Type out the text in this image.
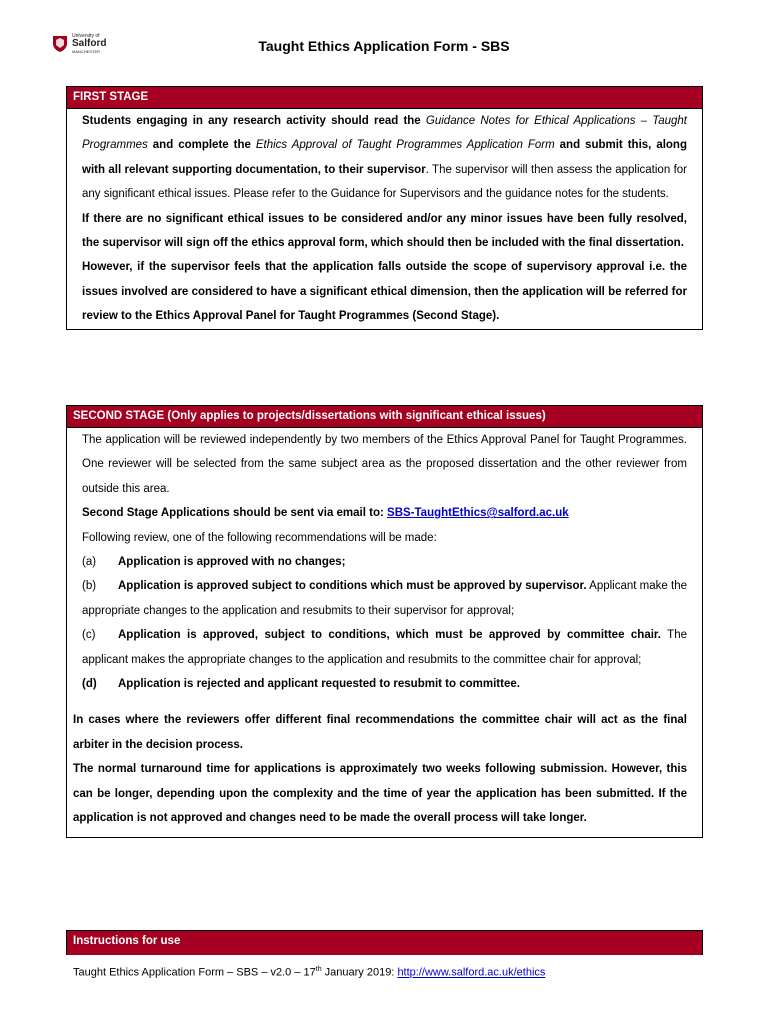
University of
Salford
MANCHESTER	Taught Ethics Application Form - SBS
FIRST STAGE

Students engaging in any research activity should read the Guidance Notes for Ethical Applications – Taught Programmes and complete the Ethics Approval of Taught Programmes Application Form and submit this, along with all relevant supporting documentation, to their supervisor. The supervisor will then assess the application for any significant ethical issues. Please refer to the Guidance for Supervisors and the guidance notes for the students.

If there are no significant ethical issues to be considered and/or any minor issues have been fully resolved, the supervisor will sign off the ethics approval form, which should then be included with the final dissertation.

However, if the supervisor feels that the application falls outside the scope of supervisory approval i.e. the issues involved are considered to have a significant ethical dimension, then the application will be referred for review to the Ethics Approval Panel for Taught Programmes (Second Stage).

SECOND STAGE (Only applies to projects/dissertations with significant ethical issues)

The application will be reviewed independently by two members of the Ethics Approval Panel for Taught Programmes. One reviewer will be selected from the same subject area as the proposed dissertation and the other reviewer from outside this area.

Second Stage Applications should be sent via email to: SBS-TaughtEthics@salford.ac.uk

Following review, one of the following recommendations will be made:

(a)	Application is approved with no changes;

(b) Application is approved subject to conditions which must be approved by supervisor. Applicant make the appropriate changes to the application and resubmits to their supervisor for approval;

(c) Application is approved, subject to conditions, which must be approved by committee chair. The applicant makes the appropriate changes to the application and resubmits to the committee chair for approval;

(d)	Application is rejected and applicant requested to resubmit to committee.

In cases where the reviewers offer different final recommendations the committee chair will act as the final arbiter in the decision process.

The normal turnaround time for applications is approximately two weeks following submission. However, this can be longer, depending upon the complexity and the time of year the application has been submitted. If the application is not approved and changes need to be made the overall process will take longer.

Instructions for use
Taught Ethics Application Form – SBS – v2.0 – 17th January 2019: http://www.salford.ac.uk/ethics
